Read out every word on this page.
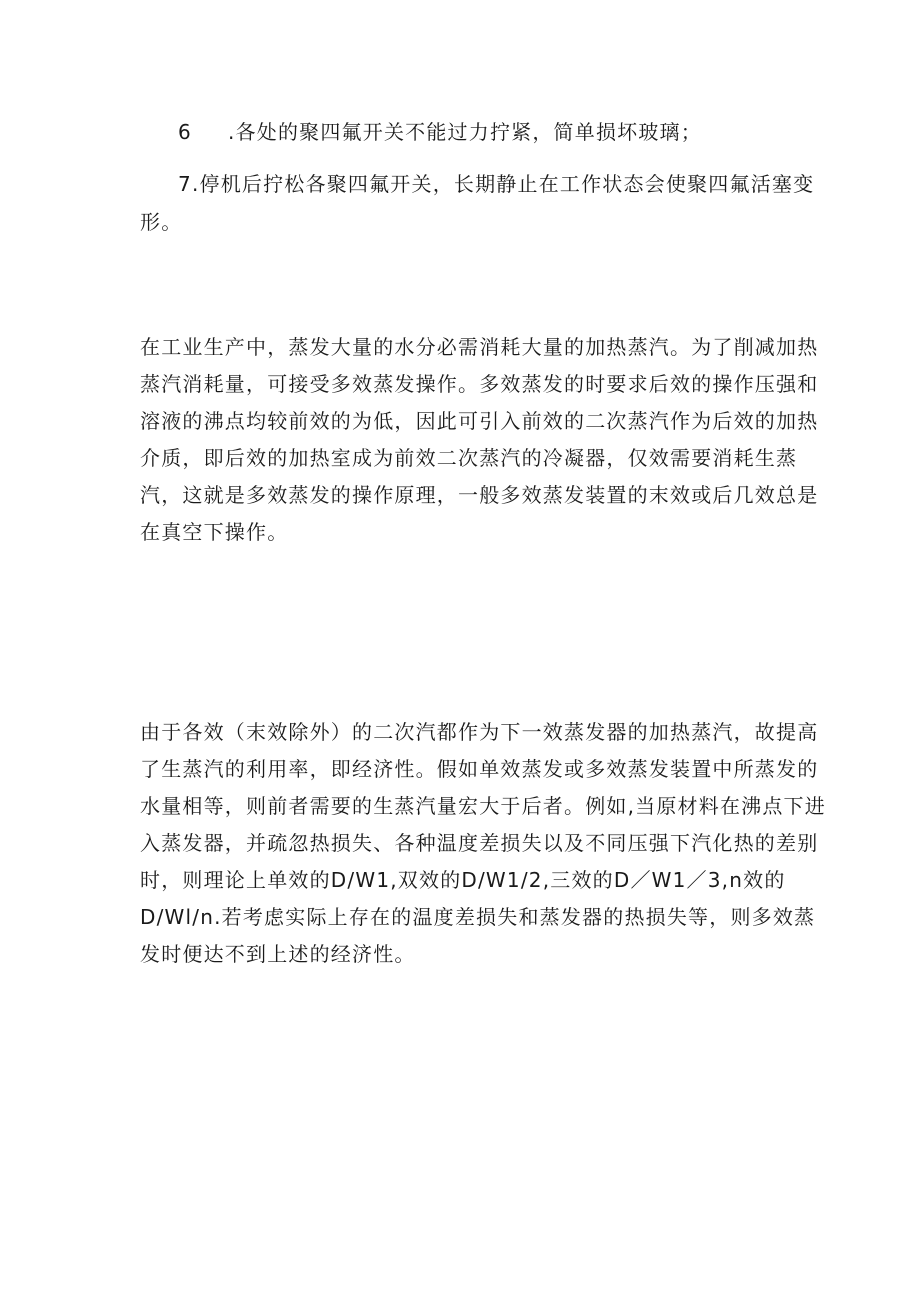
6 .各处的聚四氟开关不能过力拧紧，简单损坏玻璃；
7.停机后拧松各聚四氟开关，长期静止在工作状态会使聚四氟活塞变
形。
在工业生产中，蒸发大量的水分必需消耗大量的加热蒸汽。为了削减加热
蒸汽消耗量，可接受多效蒸发操作。多效蒸发的时要求后效的操作压强和
溶液的沸点均较前效的为低，因此可引入前效的二次蒸汽作为后效的加热
介质，即后效的加热室成为前效二次蒸汽的冷凝器，仅效需要消耗生蒸
汽，这就是多效蒸发的操作原理，一般多效蒸发装置的末效或后几效总是
在真空下操作。
由于各效（末效除外）的二次汽都作为下一效蒸发器的加热蒸汽，故提高
了生蒸汽的利用率，即经济性。假如单效蒸发或多效蒸发装置中所蒸发的
水量相等，则前者需要的生蒸汽量宏大于后者。例如,当原材料在沸点下进
入蒸发器，并疏忽热损失、各种温度差损失以及不同压强下汽化热的差别
时，则理论上单效的D/W1,双效的D/W1/2,三效的D／W1／3,n效的
D/Wl/n.若考虑实际上存在的温度差损失和蒸发器的热损失等，则多效蒸
发时便达不到上述的经济性。
